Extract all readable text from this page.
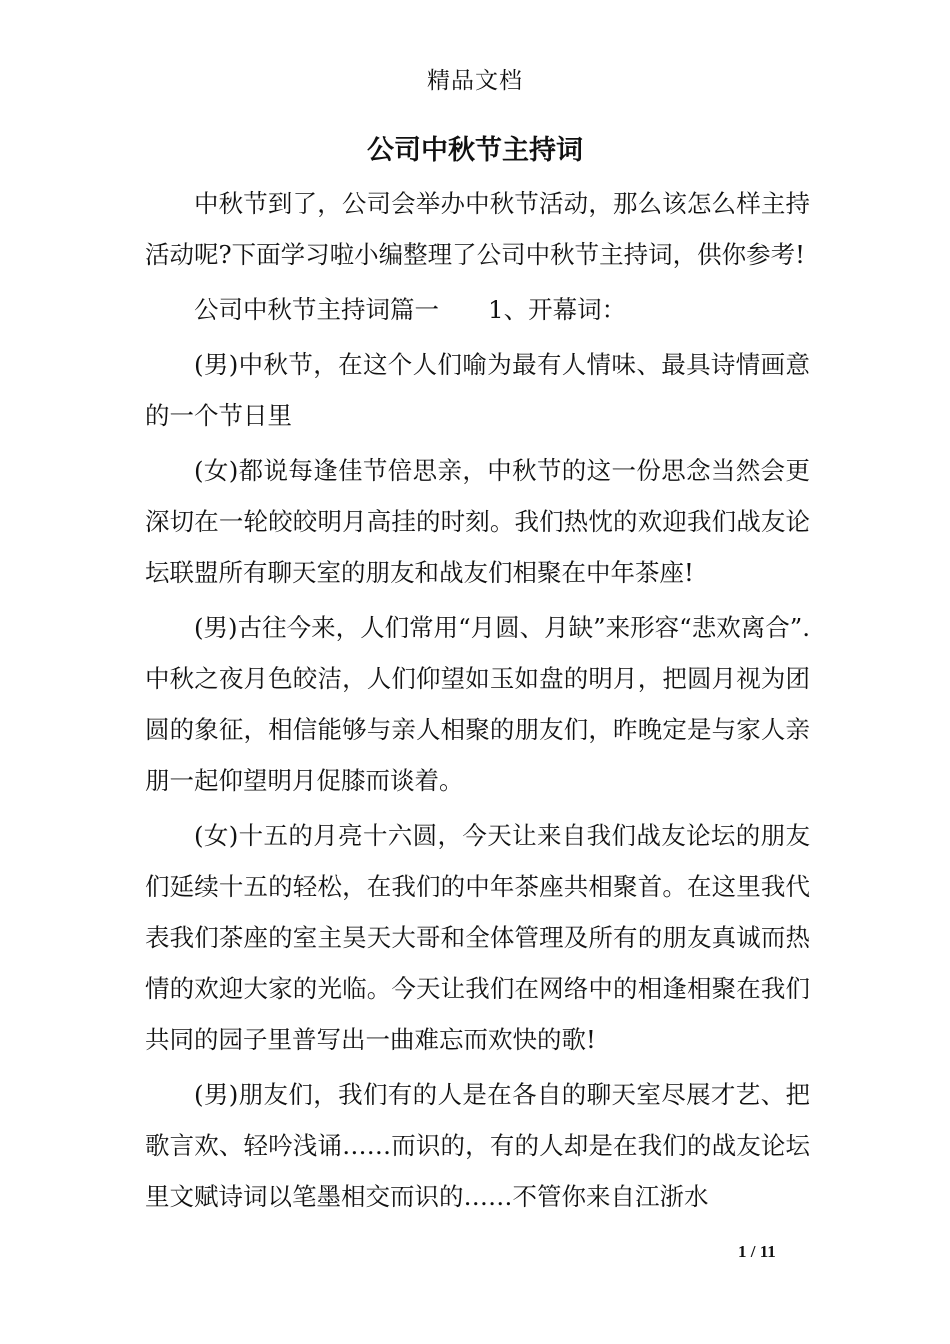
精品文档
公司中秋节主持词

中秋节到了，公司会举办中秋节活动，那么该怎么样主持活动呢?下面学习啦小编整理了公司中秋节主持词，供你参考!

公司中秋节主持词篇一　　1、开幕词：

(男)中秋节，在这个人们喻为最有人情味、最具诗情画意的一个节日里

(女)都说每逢佳节倍思亲，中秋节的这一份思念当然会更深切在一轮皎皎明月高挂的时刻。我们热忱的欢迎我们战友论坛联盟所有聊天室的朋友和战友们相聚在中年茶座!

(男)古往今来，人们常用“月圆、月缺”来形容“悲欢离合”.中秋之夜月色皎洁，人们仰望如玉如盘的明月，把圆月视为团圆的象征，相信能够与亲人相聚的朋友们，昨晚定是与家人亲朋一起仰望明月促膝而谈着。

(女)十五的月亮十六圆，今天让来自我们战友论坛的朋友们延续十五的轻松，在我们的中年茶座共相聚首。在这里我代表我们茶座的室主昊天大哥和全体管理及所有的朋友真诚而热情的欢迎大家的光临。今天让我们在网络中的相逢相聚在我们共同的园子里普写出一曲难忘而欢快的歌!

(男)朋友们，我们有的人是在各自的聊天室尽展才艺、把歌言欢、轻吟浅诵……而识的，有的人却是在我们的战友论坛里文赋诗词以笔墨相交而识的……不管你来自江浙水

1 / 11
